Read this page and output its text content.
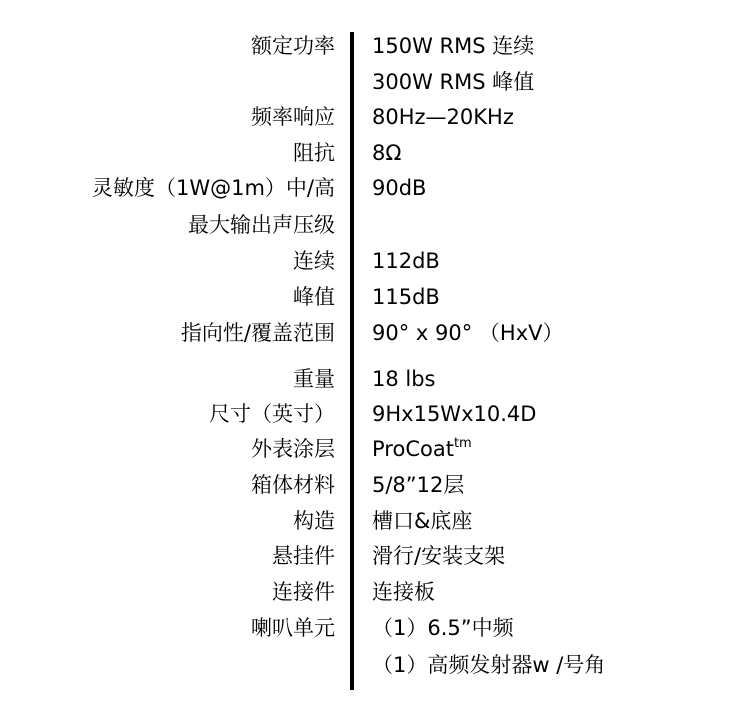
额定功率 150W RMS 连续
300W RMS 峰值
频率响应 80Hz—20KHz
阻抗 8Ω
灵敏度（1W@1m）中/高 90dB
最大输出声压级
连续 112dB
峰值 115dB
指向性/覆盖范围 90° x 90° （HxV）
重量 18 lbs
尺寸（英寸） 9Hx15Wx10.4D
外表涂层 ProCoat$^{tm}$
箱体材料 5/8”12层
构造 槽口&底座
悬挂件 滑行/安装支架
连接件 连接板
喇叭单元 （1）6.5”中频
（1）高频发射器w /号角
